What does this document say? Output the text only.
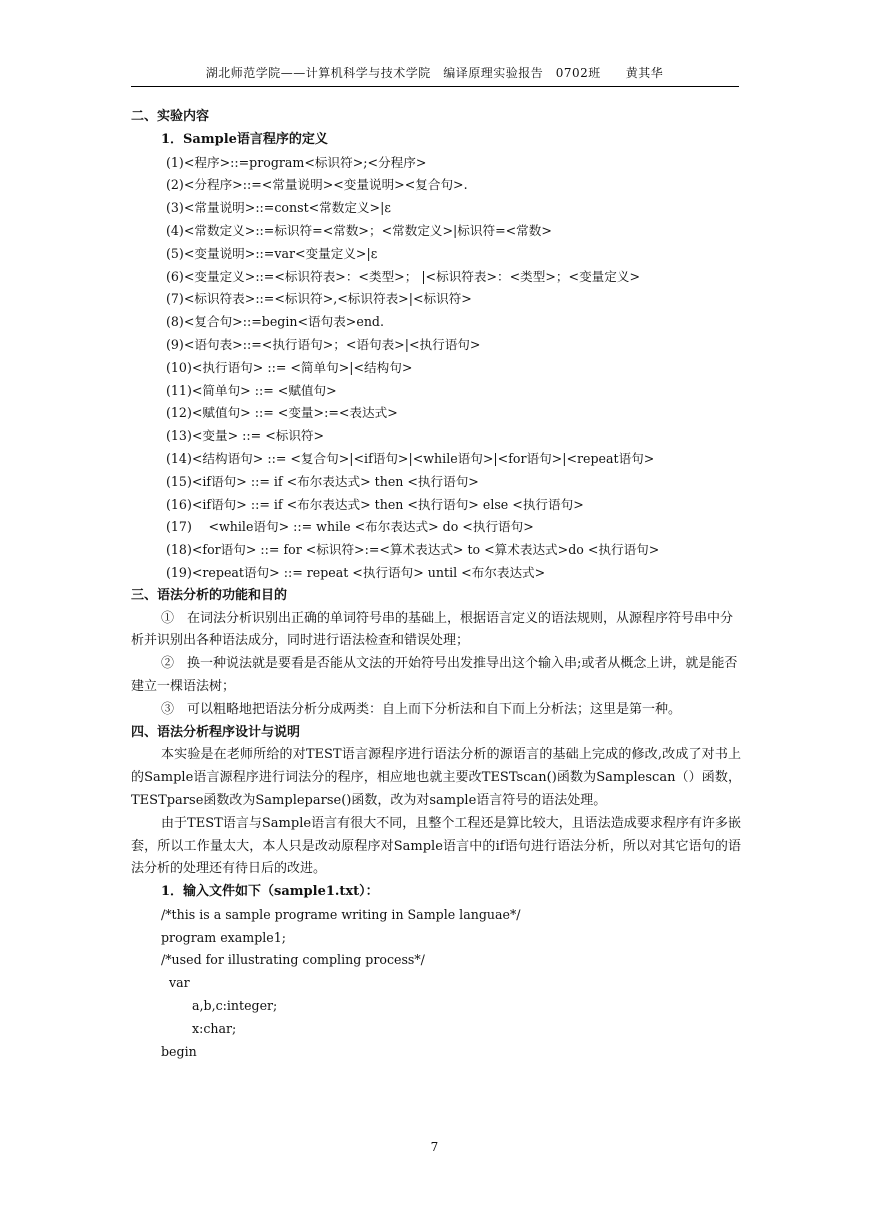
湖北师范学院——计算机科学与技术学院　编译原理实验报告　0702班　　黄其华
二、实验内容
1．Sample语言程序的定义
(1)<程序>::=program<标识符>;<分程序>
(2)<分程序>::=<常量说明><变量说明><复合句>.
(3)<常量说明>::=const<常数定义>|ε
(4)<常数定义>::=标识符=<常数>；<常数定义>|标识符=<常数>
(5)<变量说明>::=var<变量定义>|ε
(6)<变量定义>::=<标识符表>：<类型>； |<标识符表>：<类型>；<变量定义>
(7)<标识符表>::=<标识符>,<标识符表>|<标识符>
(8)<复合句>::=begin<语句表>end.
(9)<语句表>::=<执行语句>；<语句表>|<执行语句>
(10)<执行语句> ::= <简单句>|<结构句>
(11)<简单句> ::= <赋值句>
(12)<赋值句> ::= <变量>:=<表达式>
(13)<变量> ::= <标识符>
(14)<结构语句> ::= <复合句>|<if语句>|<while语句>|<for语句>|<repeat语句>
(15)<if语句> ::= if <布尔表达式> then <执行语句>
(16)<if语句> ::= if <布尔表达式> then <执行语句> else <执行语句>
(17)　 <while语句> ::= while <布尔表达式> do <执行语句>
(18)<for语句> ::= for <标识符>:=<算术表达式> to <算术表达式>do <执行语句>
(19)<repeat语句> ::= repeat <执行语句> until <布尔表达式>
三、语法分析的功能和目的

①　在词法分析识别出正确的单词符号串的基础上，根据语言定义的语法规则，从源程序符号串中分析并识别出各种语法成分，同时进行语法检查和错误处理；

②　换一种说法就是要看是否能从文法的开始符号出发推导出这个输入串;或者从概念上讲，就是能否建立一棵语法树；

③　可以粗略地把语法分析分成两类：自上而下分析法和自下而上分析法；这里是第一种。

四、语法分析程序设计与说明

本实验是在老师所给的对TEST语言源程序进行语法分析的源语言的基础上完成的修改,改成了对书上的Sample语言源程序进行词法分的程序，相应地也就主要改TESTscan()函数为Samplescan（）函数，TESTparse函数改为Sampleparse()函数，改为对sample语言符号的语法处理。

由于TEST语言与Sample语言有很大不同，且整个工程还是算比较大，且语法造成要求程序有许多嵌套，所以工作量太大，本人只是改动原程序对Sample语言中的if语句进行语法分析，所以对其它语句的语法分析的处理还有待日后的改进。

1．输入文件如下（sample1.txt）：
/*this is a sample programe writing in Sample languae*/
program example1;
/*used for illustrating compling process*/
var
a,b,c:integer;
x:char;
begin
7
